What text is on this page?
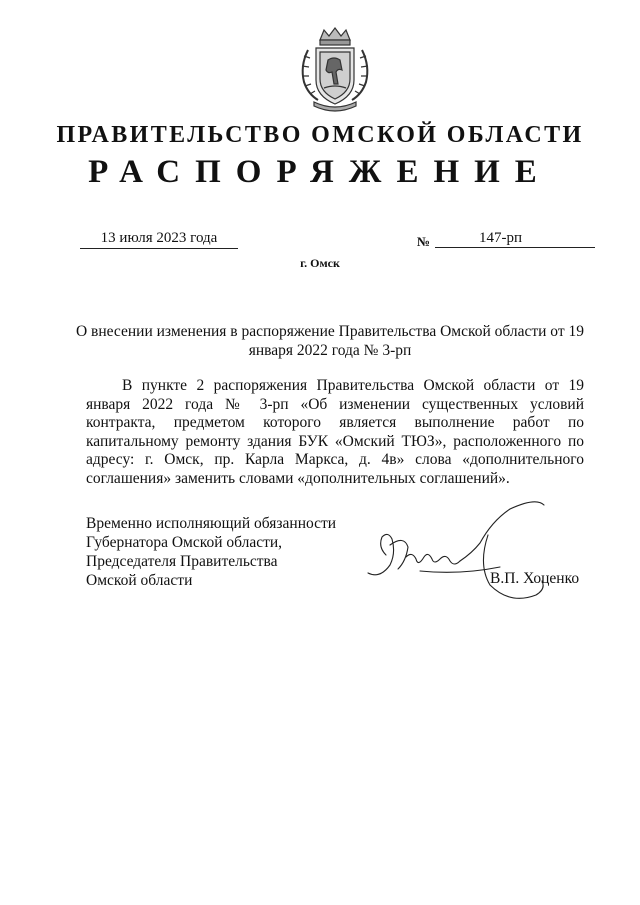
ПРАВИТЕЛЬСТВО ОМСКОЙ ОБЛАСТИ
РАСПОРЯЖЕНИЕ
13 июля 2023 года	№	147-рп
г. Омск
О внесении изменения в распоряжение Правительства Омской области от 19 января 2022 года № 3-рп
В пункте 2 распоряжения Правительства Омской области от 19 января 2022 года № 3-рп «Об изменении существенных условий контракта, предметом которого является выполнение работ по капитальному ремонту здания БУК «Омский ТЮЗ», расположенного по адресу: г. Омск, пр. Карла Маркса, д. 4в» слова «дополнительного соглашения» заменить словами «дополнительных соглашений».
Временно исполняющий обязанности
Губернатора Омской области,
Председателя Правительства
Омской области	В.П. Хоценко
